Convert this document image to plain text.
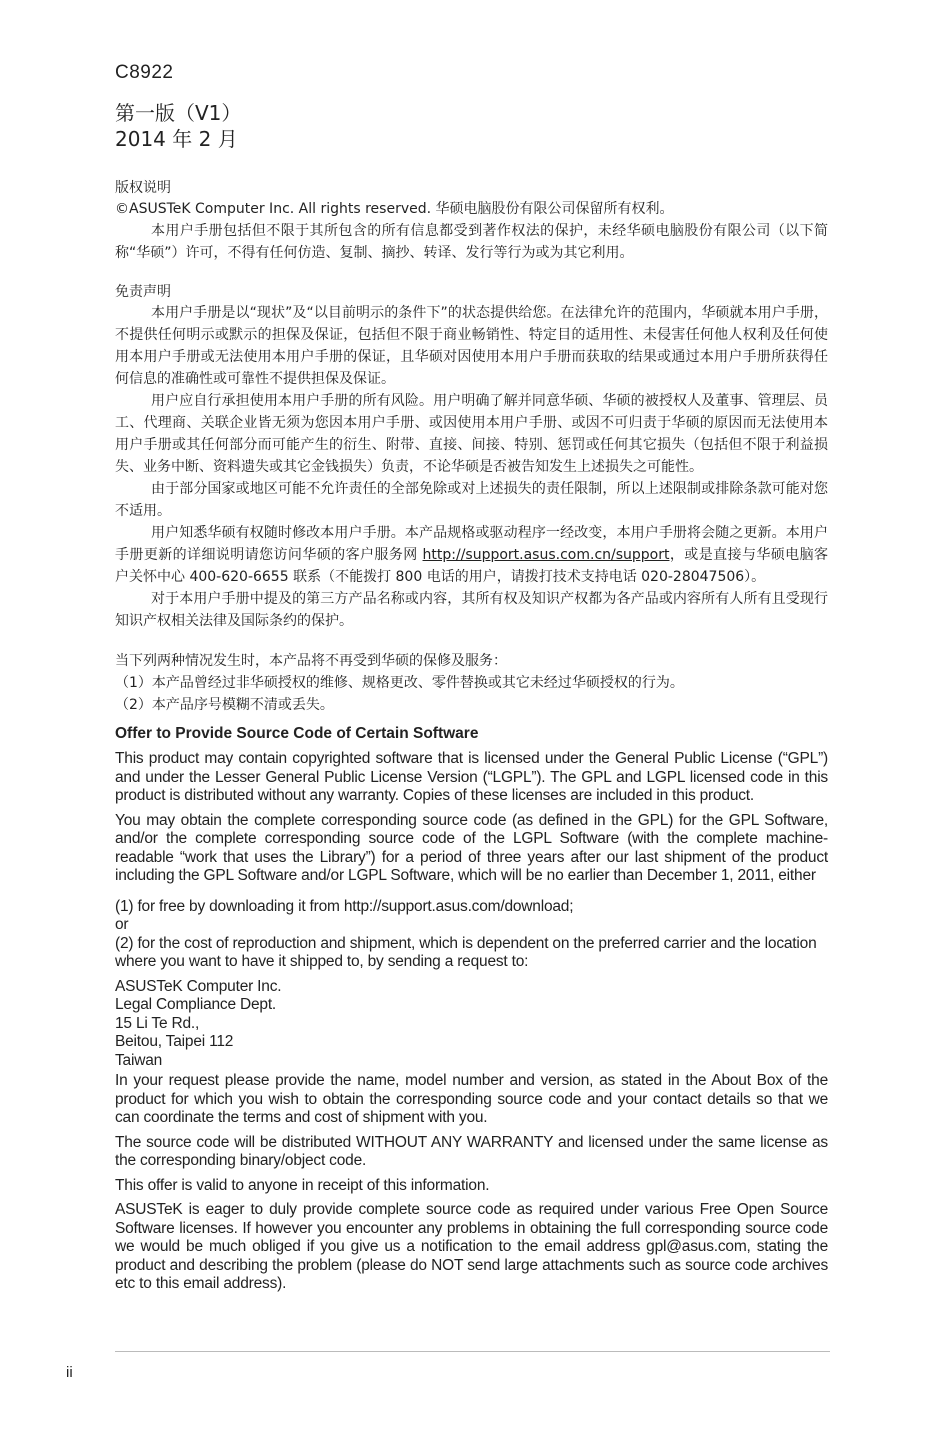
C8922
第一版（V1）
2014 年 2 月
版权说明
©ASUSTeK Computer Inc. All rights reserved. 华硕电脑股份有限公司保留所有权利。
本用户手册包括但不限于其所包含的所有信息都受到著作权法的保护，未经华硕电脑股份有限公司（以下简称“华硕”）许可，不得有任何仿造、复制、摘抄、转译、发行等行为或为其它利用。
免责声明
本用户手册是以“现状”及“以目前明示的条件下”的状态提供给您。在法律允许的范围内，华硕就本用户手册，不提供任何明示或默示的担保及保证，包括但不限于商业畅销性、特定目的适用性、未侵害任何他人权利及任何使用本用户手册或无法使用本用户手册的保证，且华硕对因使用本用户手册而获取的结果或通过本用户手册所获得任何信息的准确性或可靠性不提供担保及保证。
用户应自行承担使用本用户手册的所有风险。用户明确了解并同意华硕、华硕的被授权人及董事、管理层、员工、代理商、关联企业皆无须为您因本用户手册、或因使用本用户手册、或因不可归责于华硕的原因而无法使用本用户手册或其任何部分而可能产生的衍生、附带、直接、间接、特别、惩罚或任何其它损失（包括但不限于利益损失、业务中断、资料遗失或其它金钱损失）负责，不论华硕是否被告知发生上述损失之可能性。
由于部分国家或地区可能不允许责任的全部免除或对上述损失的责任限制，所以上述限制或排除条款可能对您不适用。
用户知悉华硕有权随时修改本用户手册。本产品规格或驱动程序一经改变，本用户手册将会随之更新。本用户手册更新的详细说明请您访问华硕的客户服务网 http://support.asus.com.cn/support，或是直接与华硕电脑客户关怀中心 400-620-6655 联系（不能拨打 800 电话的用户，请拨打技术支持电话 020-28047506）。
对于本用户手册中提及的第三方产品名称或内容，其所有权及知识产权都为各产品或内容所有人所有且受现行知识产权相关法律及国际条约的保护。
当下列两种情况发生时，本产品将不再受到华硕的保修及服务：
（1）本产品曾经过非华硕授权的维修、规格更改、零件替换或其它未经过华硕授权的行为。
（2）本产品序号模糊不清或丢失。
Offer to Provide Source Code of Certain Software
This product may contain copyrighted software that is licensed under the General Public License (“GPL”) and under the Lesser General Public License Version (“LGPL”). The GPL and LGPL licensed code in this product is distributed without any warranty. Copies of these licenses are included in this product.
You may obtain the complete corresponding source code (as defined in the GPL) for the GPL Software, and/or the complete corresponding source code of the LGPL Software (with the complete machine-readable “work that uses the Library”) for a period of three years after our last shipment of the product including the GPL Software and/or LGPL Software, which will be no earlier than December 1, 2011, either
(1) for free by downloading it from http://support.asus.com/download;
or
(2) for the cost of reproduction and shipment, which is dependent on the preferred carrier and the location where you want to have it shipped to, by sending a request to:
ASUSTeK Computer Inc.
Legal Compliance Dept.
15 Li Te Rd.,
Beitou, Taipei 112
Taiwan
In your request please provide the name, model number and version, as stated in the About Box of the product for which you wish to obtain the corresponding source code and your contact details so that we can coordinate the terms and cost of shipment with you.
The source code will be distributed WITHOUT ANY WARRANTY and licensed under the same license as the corresponding binary/object code.
This offer is valid to anyone in receipt of this information.
ASUSTeK is eager to duly provide complete source code as required under various Free Open Source Software licenses. If however you encounter any problems in obtaining the full corresponding source code we would be much obliged if you give us a notification to the email address gpl@asus.com, stating the product and describing the problem (please do NOT send large attachments such as source code archives etc to this email address).
ii
